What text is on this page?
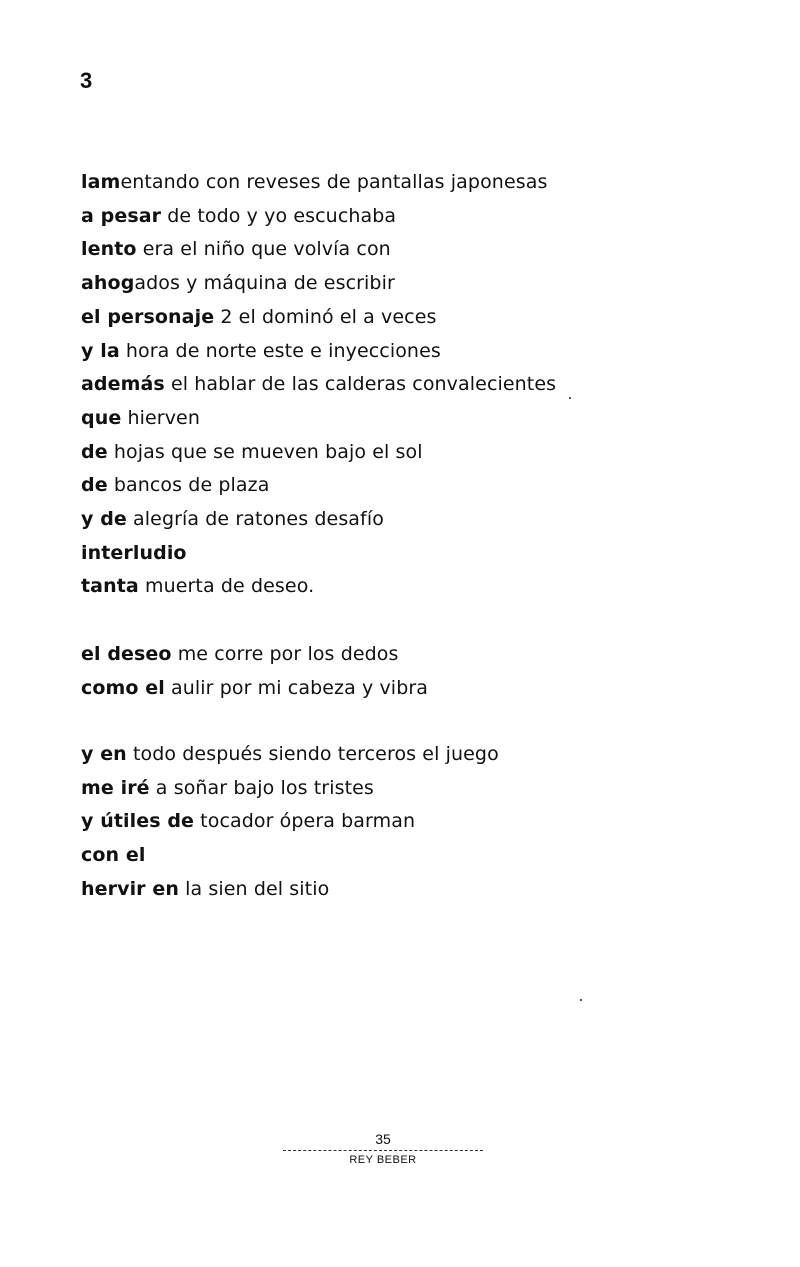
3
lamentando con reveses de pantallas japonesas
a pesar de todo y yo escuchaba
lento era el niño que volvía con
ahogados y máquina de escribir
el personaje 2 el dominó el a veces
y la hora de norte este e inyecciones
además el hablar de las calderas convalecientes
que hierven
de hojas que se mueven bajo el sol
de bancos de plaza
y de alegría de ratones desafío
interludio
tanta muerta de deseo.
el deseo me corre por los dedos
como el aulir por mi cabeza y vibra
y en todo después siendo terceros el juego
me iré a soñar bajo los tristes
y útiles de tocador ópera barman
con el
hervir en la sien del sitio
35
REY BEBER
